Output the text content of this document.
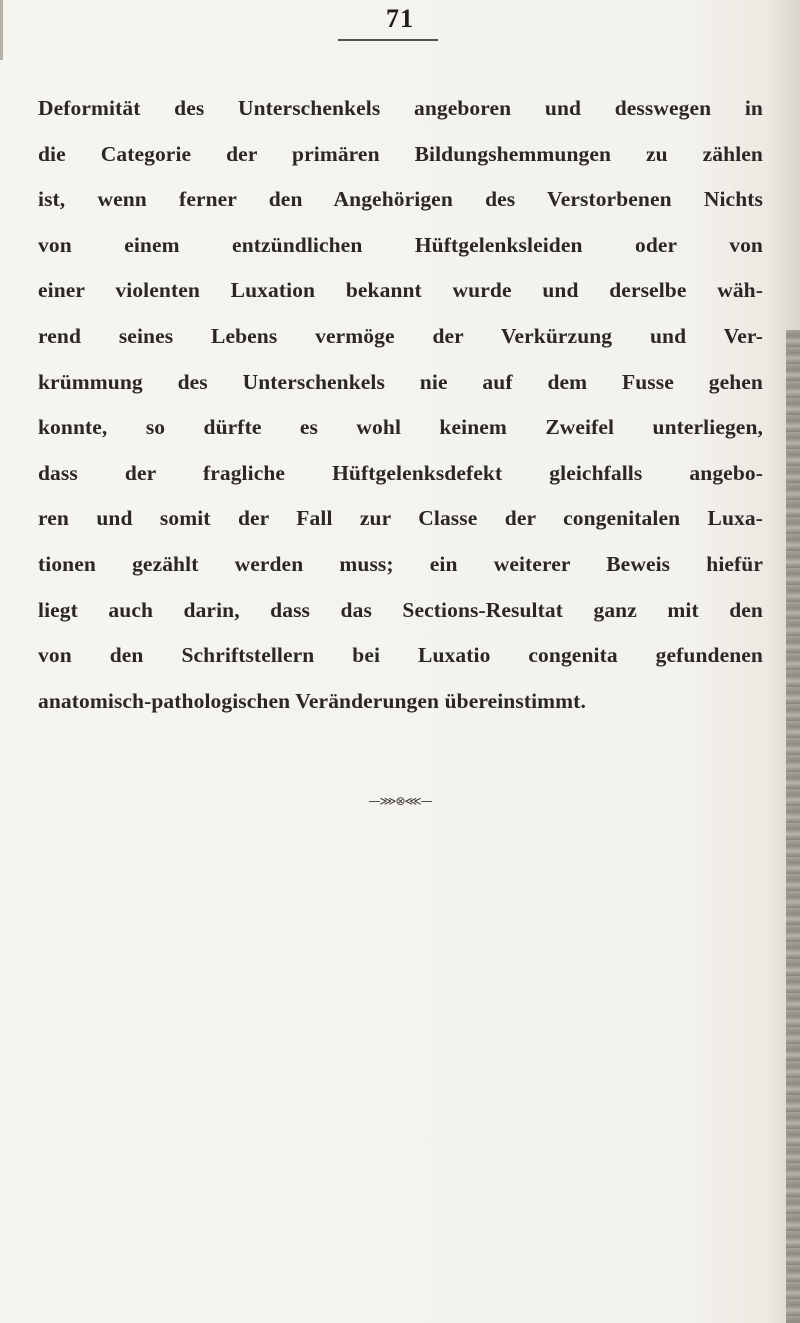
71
Deformität des Unterschenkels angeboren und desswegen in
die Categorie der primären Bildungshemmungen zu zählen
ist, wenn ferner den Angehörigen des Verstorbenen Nichts
von einem entzündlichen Hüftgelenksleiden oder von
einer violenten Luxation bekannt wurde und derselbe wäh-
rend seines Lebens vermöge der Verkürzung und Ver-
krümmung des Unterschenkels nie auf dem Fusse gehen
konnte, so dürfte es wohl keinem Zweifel unterliegen,
dass der fragliche Hüftgelenksdefekt gleichfalls angebo-
ren und somit der Fall zur Classe der congenitalen Luxa-
tionen gezählt werden muss; ein weiterer Beweis hiefür
liegt auch darin, dass das Sections-Resultat ganz mit den
von den Schriftstellern bei Luxatio congenita gefundenen
anatomisch-pathologischen Veränderungen übereinstimmt.
—⋙⊗⋘—
